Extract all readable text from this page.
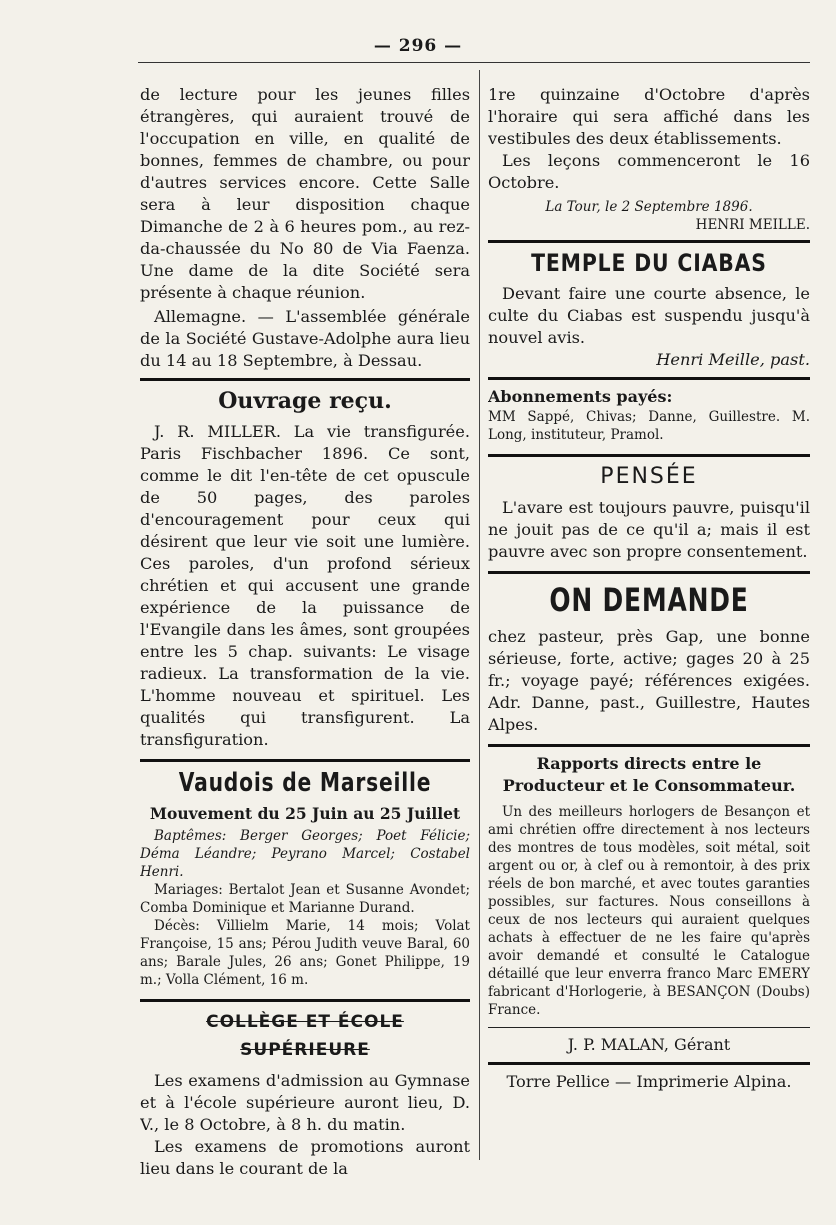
— 296 —

de lecture pour les jeunes filles étrangères, qui auraient trouvé de l'occupation en ville, en qualité de bonnes, femmes de chambre, ou pour d'autres services encore. Cette Salle sera à leur disposition chaque Dimanche de 2 à 6 heures pom., au rez-da-chaussée du No 80 de Via Faenza. Une dame de la dite Société sera présente à chaque réunion.

Allemagne. — L'assemblée générale de la Société Gustave-Adolphe aura lieu du 14 au 18 Septembre, à Dessau.

Ouvrage reçu.

J. R. MILLER. La vie transfigurée. Paris Fischbacher 1896. Ce sont, comme le dit l'en-tête de cet opuscule de 50 pages, des paroles d'encouragement pour ceux qui désirent que leur vie soit une lumière. Ces paroles, d'un profond sérieux chrétien et qui accusent une grande expérience de la puissance de l'Evangile dans les âmes, sont groupées entre les 5 chap. suivants: Le visage radieux. La transformation de la vie. L'homme nouveau et spirituel. Les qualités qui transfigurent. La transfiguration.

Vaudois de Marseille
Mouvement du 25 Juin au 25 Juillet

Baptêmes: Berger Georges; Poet Félicie; Déma Léandre; Peyrano Marcel; Costabel Henri.

Mariages: Bertalot Jean et Susanne Avondet; Comba Dominique et Marianne Durand.

Décès: Villielm Marie, 14 mois; Volat Françoise, 15 ans; Pérou Judith veuve Baral, 60 ans; Barale Jules, 26 ans; Gonet Philippe, 19 m.; Volla Clément, 16 m.

COLLÈGE ET ÉCOLE SUPÉRIEURE

Les examens d'admission au Gymnase et à l'école supérieure auront lieu, D. V., le 8 Octobre, à 8 h. du matin.

Les examens de promotions auront lieu dans le courant de la

1re quinzaine d'Octobre d'après l'horaire qui sera affiché dans les vestibules des deux établissements.

Les leçons commenceront le 16 Octobre.

La Tour, le 2 Septembre 1896.

HENRI MEILLE.

TEMPLE DU CIABAS

Devant faire une courte absence, le culte du Ciabas est suspendu jusqu'à nouvel avis.

Henri Meille, past.

Abonnements payés:

MM Sappé, Chivas; Danne, Guillestre. M. Long, instituteur, Pramol.

PENSÉE

L'avare est toujours pauvre, puisqu'il ne jouit pas de ce qu'il a; mais il est pauvre avec son propre consentement.

ON DEMANDE

chez pasteur, près Gap, une bonne sérieuse, forte, active; gages 20 à 25 fr.; voyage payé; références exigées. Adr. Danne, past., Guillestre, Hautes Alpes.

Rapports directs entre le Producteur et le Consommateur.

Un des meilleurs horlogers de Besançon et ami chrétien offre directement à nos lecteurs des montres de tous modèles, soit métal, soit argent ou or, à clef ou à remontoir, à des prix réels de bon marché, et avec toutes garanties possibles, sur factures. Nous conseillons à ceux de nos lecteurs qui auraient quelques achats à effectuer de ne les faire qu'après avoir demandé et consulté le Catalogue détaillé que leur enverra franco Marc EMERY fabricant d'Horlogerie, à BESANÇON (Doubs) France.

J. P. MALAN, Gérant

Torre Pellice — Imprimerie Alpina.
